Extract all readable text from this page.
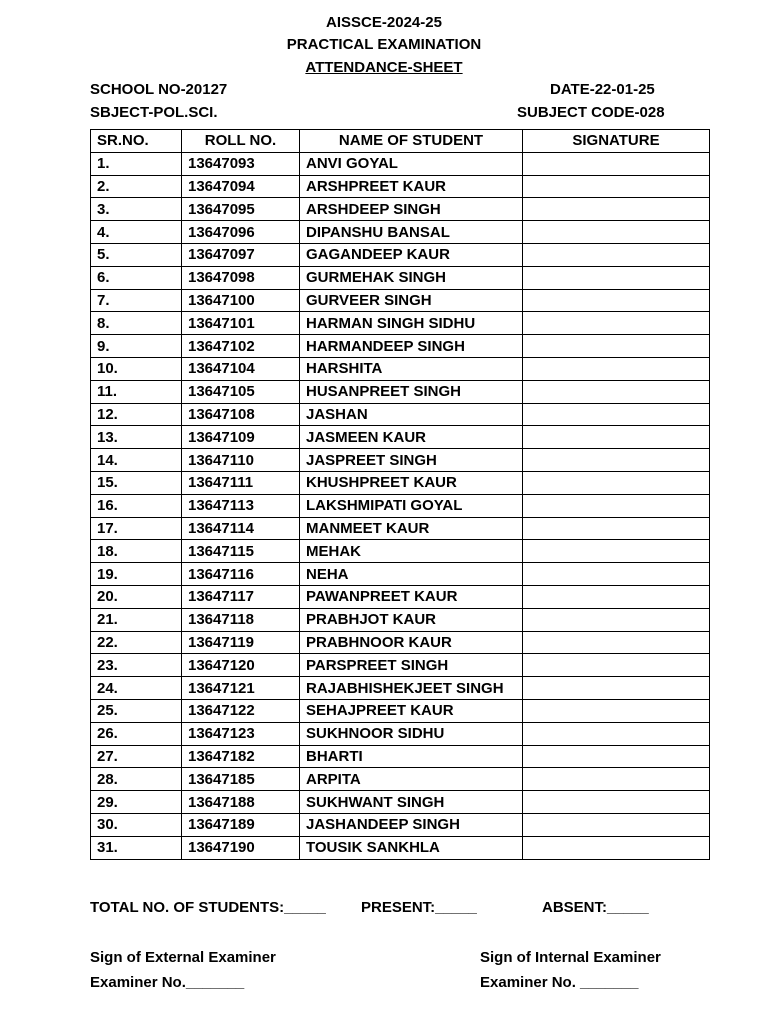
AISSCE-2024-25
PRACTICAL EXAMINATION
ATTENDANCE-SHEET
SCHOOL NO-20127	DATE-22-01-25
SBJECT-POL.SCI.	SUBJECT CODE-028
SR.NO.	ROLL NO.	NAME OF STUDENT	SIGNATURE
1.	13647093	ANVI GOYAL	
2.	13647094	ARSHPREET KAUR	
3.	13647095	ARSHDEEP SINGH	
4.	13647096	DIPANSHU BANSAL	
5.	13647097	GAGANDEEP KAUR	
6.	13647098	GURMEHAK SINGH	
7.	13647100	GURVEER SINGH	
8.	13647101	HARMAN SINGH SIDHU	
9.	13647102	HARMANDEEP SINGH	
10.	13647104	HARSHITA	
11.	13647105	HUSANPREET SINGH	
12.	13647108	JASHAN	
13.	13647109	JASMEEN KAUR	
14.	13647110	JASPREET SINGH	
15.	13647111	KHUSHPREET KAUR	
16.	13647113	LAKSHMIPATI GOYAL	
17.	13647114	MANMEET KAUR	
18.	13647115	MEHAK	
19.	13647116	NEHA	
20.	13647117	PAWANPREET KAUR	
21.	13647118	PRABHJOT KAUR	
22.	13647119	PRABHNOOR KAUR	
23.	13647120	PARSPREET SINGH	
24.	13647121	RAJABHISHEKJEET SINGH	
25.	13647122	SEHAJPREET KAUR	
26.	13647123	SUKHNOOR SIDHU	
27.	13647182	BHARTI	
28.	13647185	ARPITA	
29.	13647188	SUKHWANT SINGH	
30.	13647189	JASHANDEEP SINGH	
31.	13647190	TOUSIK SANKHLA	
TOTAL NO. OF STUDENTS:_____ PRESENT:_____	ABSENT:_____
Sign of External Examiner
Examiner No._______
Sign of Internal Examiner
Examiner No. _______
